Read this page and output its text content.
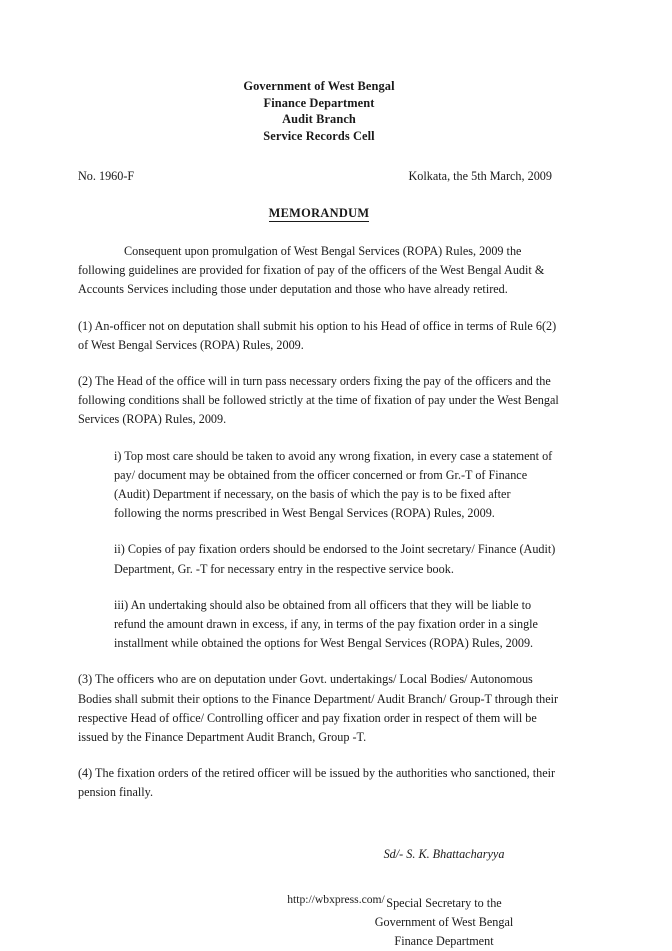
Government of West Bengal
Finance Department
Audit Branch
Service Records Cell
No. 1960-F	Kolkata, the 5th March, 2009
MEMORANDUM

Consequent upon promulgation of West Bengal Services (ROPA) Rules, 2009 the following guidelines are provided for fixation of pay of the officers of the West Bengal Audit & Accounts Services including those under deputation and those who have already retired.

(1) An-officer not on deputation shall submit his option to his Head of office in terms of Rule 6(2) of West Bengal Services (ROPA) Rules, 2009.

(2) The Head of the office will in turn pass necessary orders fixing the pay of the officers and the following conditions shall be followed strictly at the time of fixation of pay under the West Bengal Services (ROPA) Rules, 2009.

i) Top most care should be taken to avoid any wrong fixation, in every case a statement of pay/ document may be obtained from the officer concerned or from Gr.-T of Finance (Audit) Department if necessary, on the basis of which the pay is to be fixed after following the norms prescribed in West Bengal Services (ROPA) Rules, 2009.

ii) Copies of pay fixation orders should be endorsed to the Joint secretary/ Finance (Audit) Department, Gr. -T for necessary entry in the respective service book.

iii) An undertaking should also be obtained from all officers that they will be liable to refund the amount drawn in excess, if any, in terms of the pay fixation order in a single installment while obtained the options for West Bengal Services (ROPA) Rules, 2009.

(3) The officers who are on deputation under Govt. undertakings/ Local Bodies/ Autonomous Bodies shall submit their options to the Finance Department/ Audit Branch/ Group-T through their respective Head of office/ Controlling officer and pay fixation order in respect of them will be issued by the Finance Department Audit Branch, Group -T.

(4) The fixation orders of the retired officer will be issued by the authorities who sanctioned, their pension finally.

Sd/- S. K. Bhattacharyya
Special Secretary to the
Government of West Bengal
Finance Department
http://wbxpress.com/
